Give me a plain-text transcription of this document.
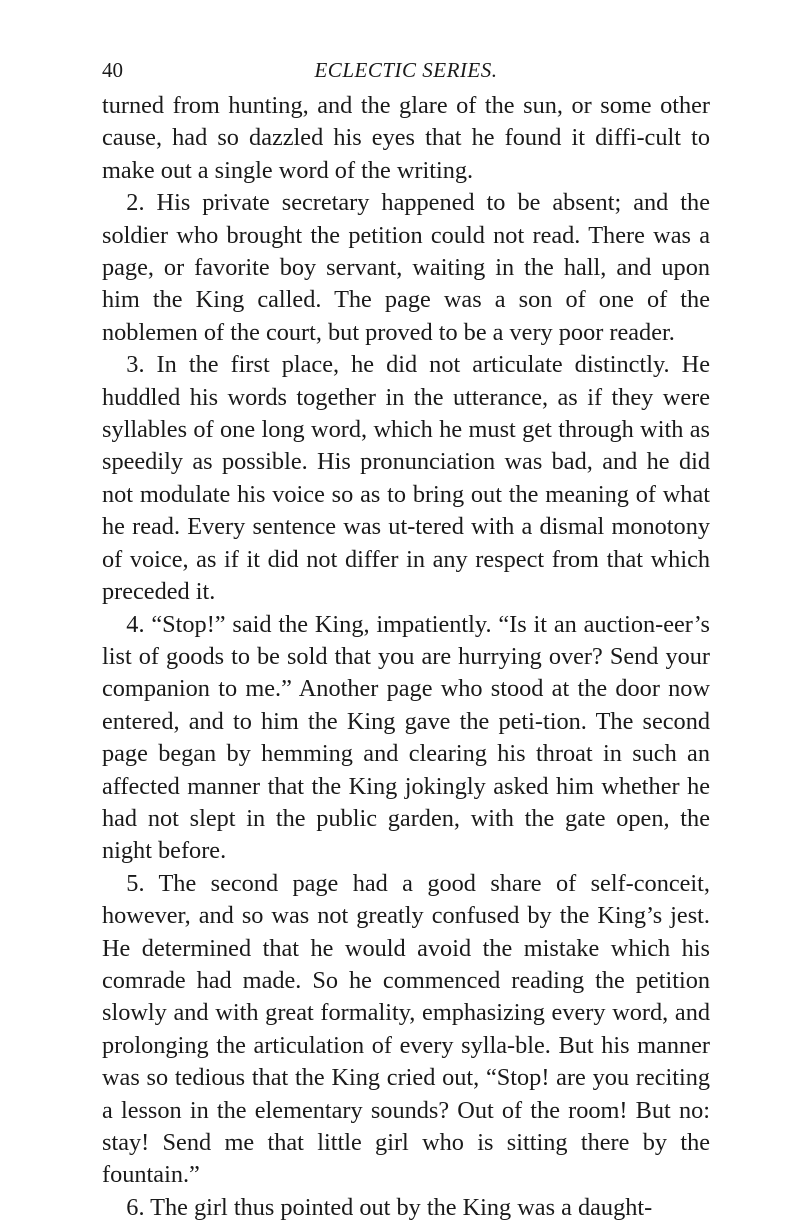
40	ECLECTIC SERIES.

turned from hunting, and the glare of the sun, or some other cause, had so dazzled his eyes that he found it diffi-cult to make out a single word of the writing.

2. His private secretary happened to be absent; and the soldier who brought the petition could not read. There was a page, or favorite boy servant, waiting in the hall, and upon him the King called. The page was a son of one of the noblemen of the court, but proved to be a very poor reader.

3. In the first place, he did not articulate distinctly. He huddled his words together in the utterance, as if they were syllables of one long word, which he must get through with as speedily as possible. His pronunciation was bad, and he did not modulate his voice so as to bring out the meaning of what he read. Every sentence was ut-tered with a dismal monotony of voice, as if it did not differ in any respect from that which preceded it.

4. “Stop!” said the King, impatiently. “Is it an auction-eer’s list of goods to be sold that you are hurrying over? Send your companion to me.” Another page who stood at the door now entered, and to him the King gave the peti-tion. The second page began by hemming and clearing his throat in such an affected manner that the King jokingly asked him whether he had not slept in the public garden, with the gate open, the night before.

5. The second page had a good share of self-conceit, however, and so was not greatly confused by the King’s jest. He determined that he would avoid the mistake which his comrade had made. So he commenced reading the petition slowly and with great formality, emphasizing every word, and prolonging the articulation of every sylla-ble. But his manner was so tedious that the King cried out, “Stop! are you reciting a lesson in the elementary sounds? Out of the room! But no: stay! Send me that little girl who is sitting there by the fountain.”

6. The girl thus pointed out by the King was a daught-
